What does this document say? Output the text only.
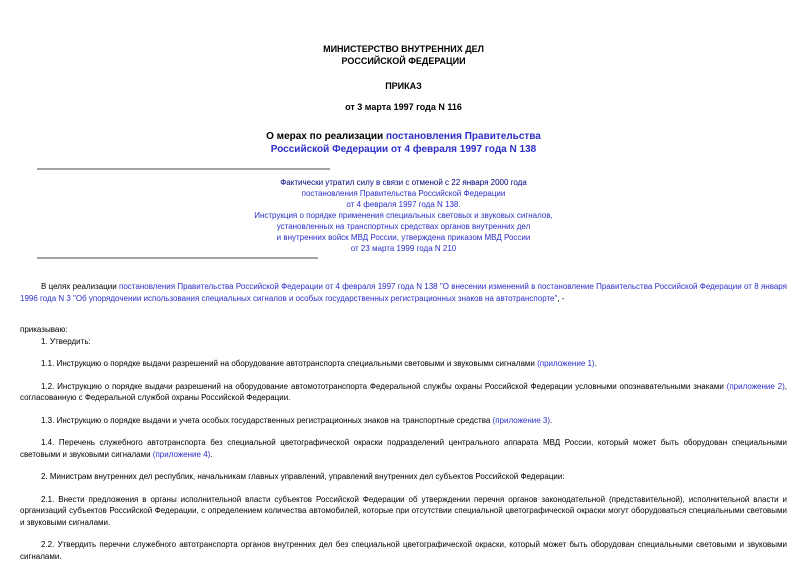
МИНИСТЕРСТВО ВНУТРЕННИХ ДЕЛ
РОССИЙСКОЙ ФЕДЕРАЦИИ
ПРИКАЗ
от 3 марта 1997 года N 116
О мерах по реализации постановления Правительства
Российской Федерации от 4 февраля 1997 года N 138
Фактически утратил силу в связи с отменой с 22 января 2000 года
постановления Правительства Российской Федерации
от 4 февраля 1997 года N 138.
Инструкция о порядке применения специальных световых и звуковых сигналов,
установленных на транспортных средствах органов внутренних дел
и внутренних войск МВД России, утверждена приказом МВД России
от 23 марта 1999 года N 210

В целях реализации постановления Правительства Российской Федерации от 4 февраля 1997 года N 138 "О внесении изменений в постановление Правительства Российской Федерации от 8 января 1996 года N 3 "Об упорядочении использования специальных сигналов и особых государственных регистрационных знаков на автотранспорте", -

приказываю:

1. Утвердить:

1.1. Инструкцию о порядке выдачи разрешений на оборудование автотранспорта специальными световыми и звуковыми сигналами (приложение 1).

1.2. Инструкцию о порядке выдачи разрешений на оборудование автомототранспорта Федеральной службы охраны Российской Федерации условными опознавательными знаками (приложение 2), согласованную с Федеральной службой охраны Российской Федерации.

1.3. Инструкцию о порядке выдачи и учета особых государственных регистрационных знаков на транспортные средства (приложение 3).

1.4. Перечень служебного автотранспорта без специальной цветографической окраски подразделений центрального аппарата МВД России, который может быть оборудован специальными световыми и звуковыми сигналами (приложение 4).

2. Министрам внутренних дел республик, начальникам главных управлений, управлений внутренних дел субъектов Российской Федерации:

2.1. Внести предложения в органы исполнительной власти субъектов Российской Федерации об утверждении перечня органов законодательной (представительной), исполнительной власти и организаций субъектов Российской Федерации, с определением количества автомобилей, которые при отсутствии специальной цветографической окраски могут оборудоваться специальными световыми и звуковыми сигналами.

2.2. Утвердить перечни служебного автотранспорта органов внутренних дел без специальной цветографической окраски, который может быть оборудован специальными световыми и звуковыми сигналами.
